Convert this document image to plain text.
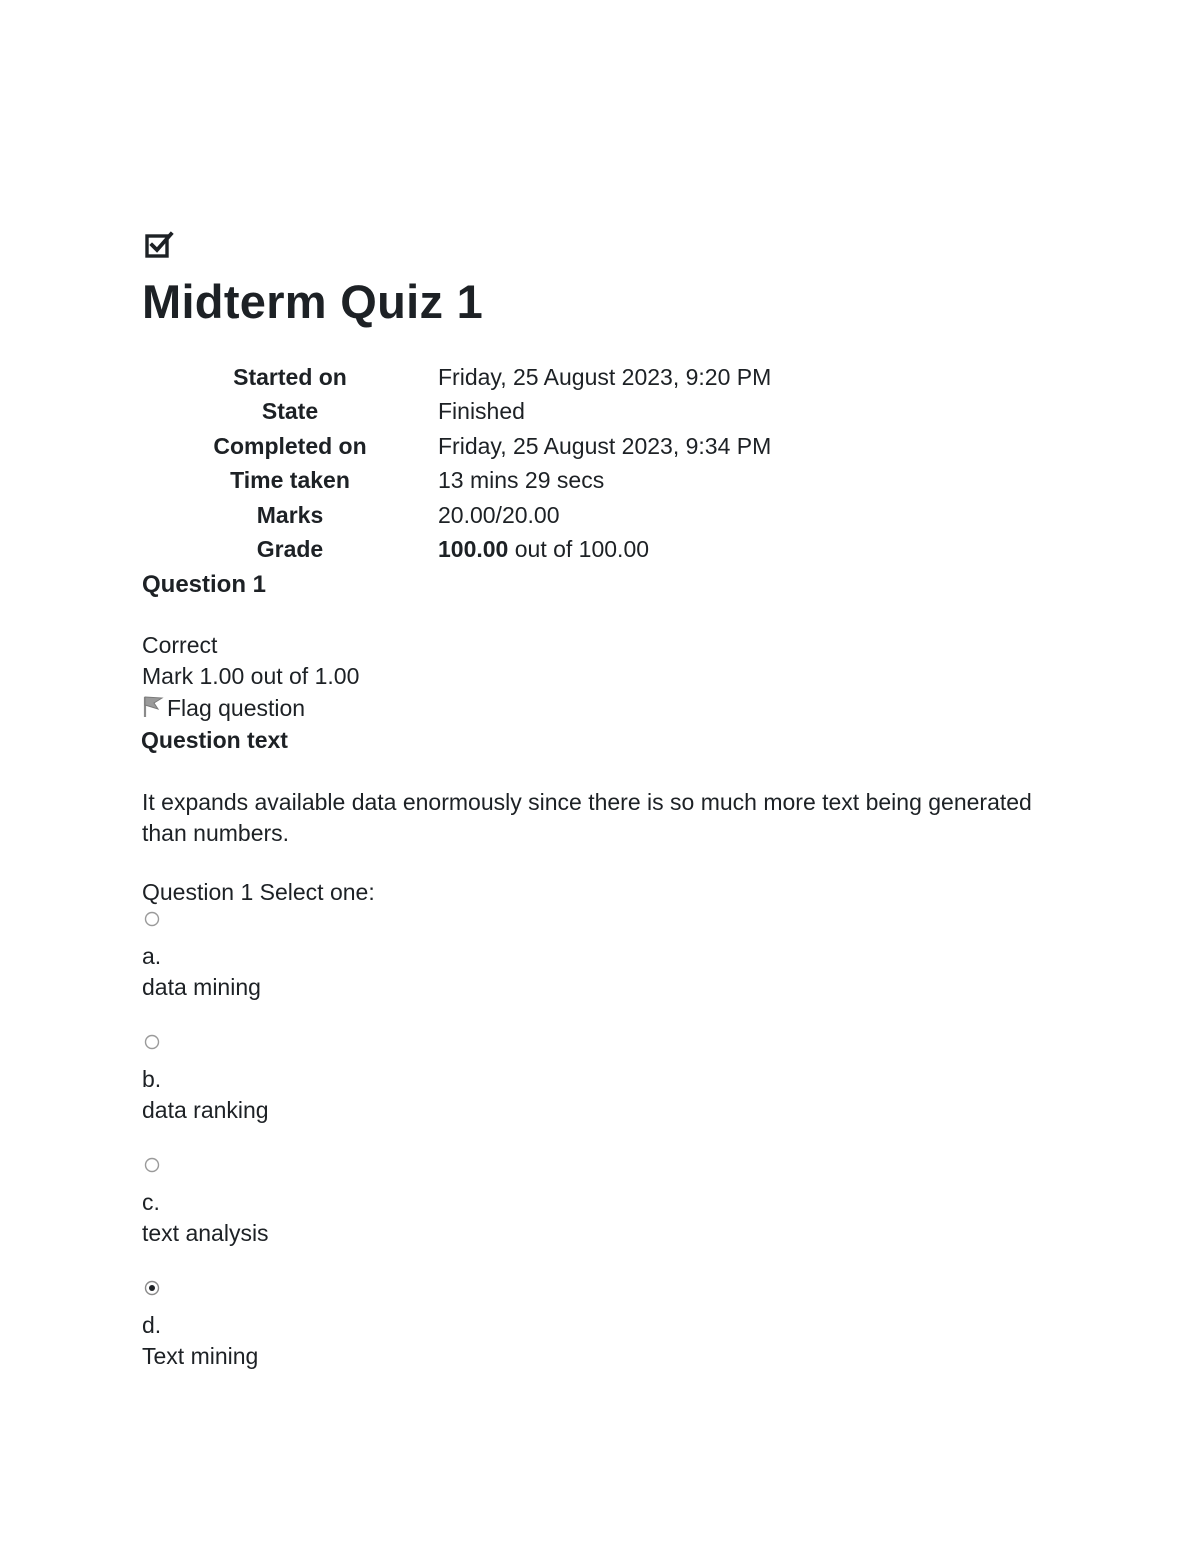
Midterm Quiz 1
Started on	Friday, 25 August 2023, 9:20 PM
State	Finished
Completed on	Friday, 25 August 2023, 9:34 PM
Time taken	13 mins 29 secs
Marks	20.00/20.00
Grade	100.00 out of 100.00
Question 1
Correct
Mark 1.00 out of 1.00
Flag question
Question text
It expands available data enormously since there is so much more text being generated than numbers.
Question 1 Select one:
a.
data mining
b.
data ranking
c.
text analysis
d.
Text mining
